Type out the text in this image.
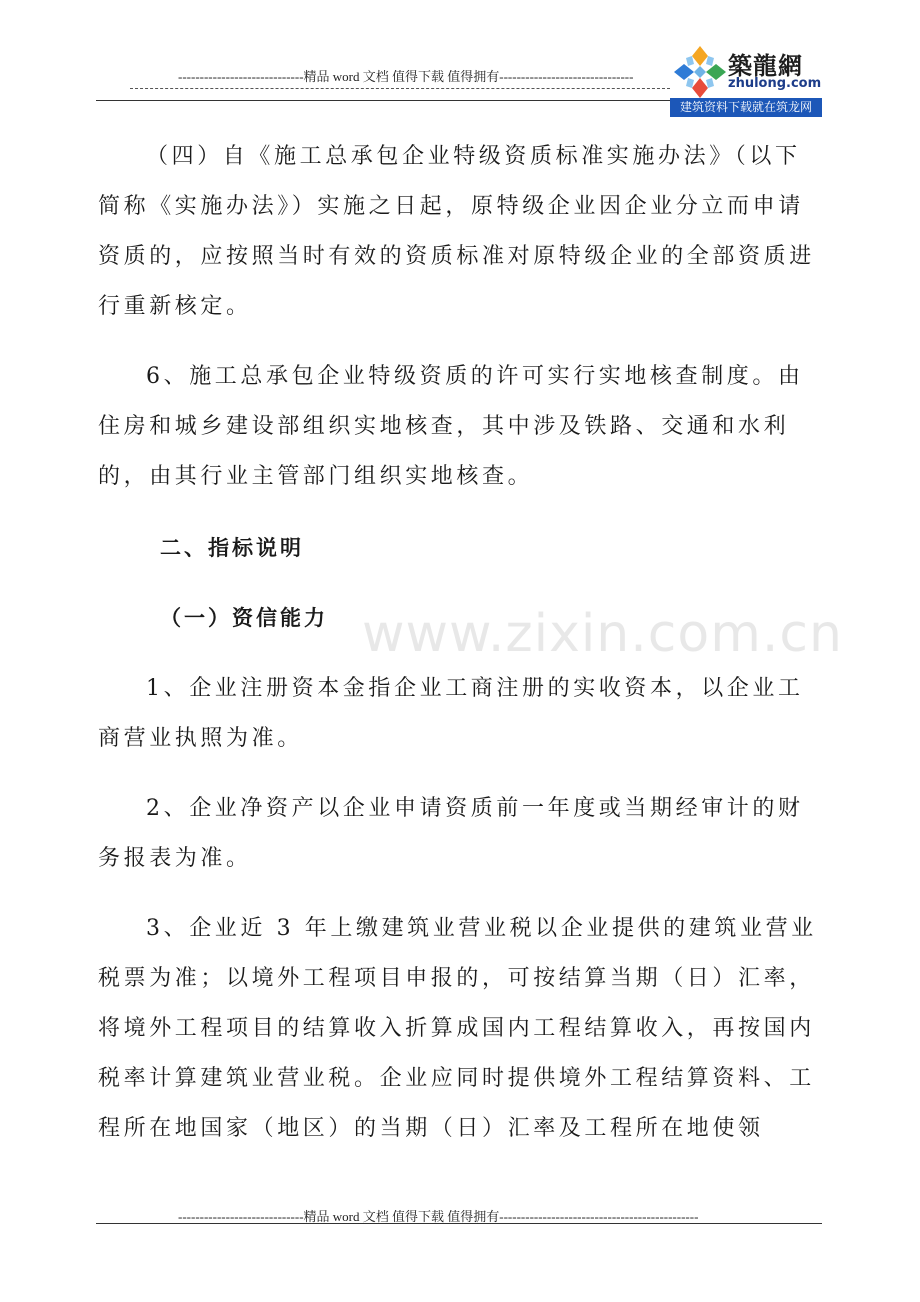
-----------------------------精品 word 文档 值得下载 值得拥有-------------------------------	築龍網
zhulong.com
建筑资料下载就在筑龙网
www.zixin.com.cn

（四）自《施工总承包企业特级资质标准实施办法》（以下简称《实施办法》）实施之日起，原特级企业因企业分立而申请资质的，应按照当时有效的资质标准对原特级企业的全部资质进行重新核定。

6、施工总承包企业特级资质的许可实行实地核查制度。由住房和城乡建设部组织实地核查，其中涉及铁路、交通和水利的，由其行业主管部门组织实地核查。

二、指标说明
（一）资信能力

1、企业注册资本金指企业工商注册的实收资本，以企业工商营业执照为准。

2、企业净资产以企业申请资质前一年度或当期经审计的财务报表为准。

3、企业近 3 年上缴建筑业营业税以企业提供的建筑业营业税票为准；以境外工程项目申报的，可按结算当期（日）汇率，将境外工程项目的结算收入折算成国内工程结算收入，再按国内税率计算建筑业营业税。企业应同时提供境外工程结算资料、工程所在地国家（地区）的当期（日）汇率及工程所在地使领

-----------------------------精品 word 文档 值得下载 值得拥有----------------------------------------------
